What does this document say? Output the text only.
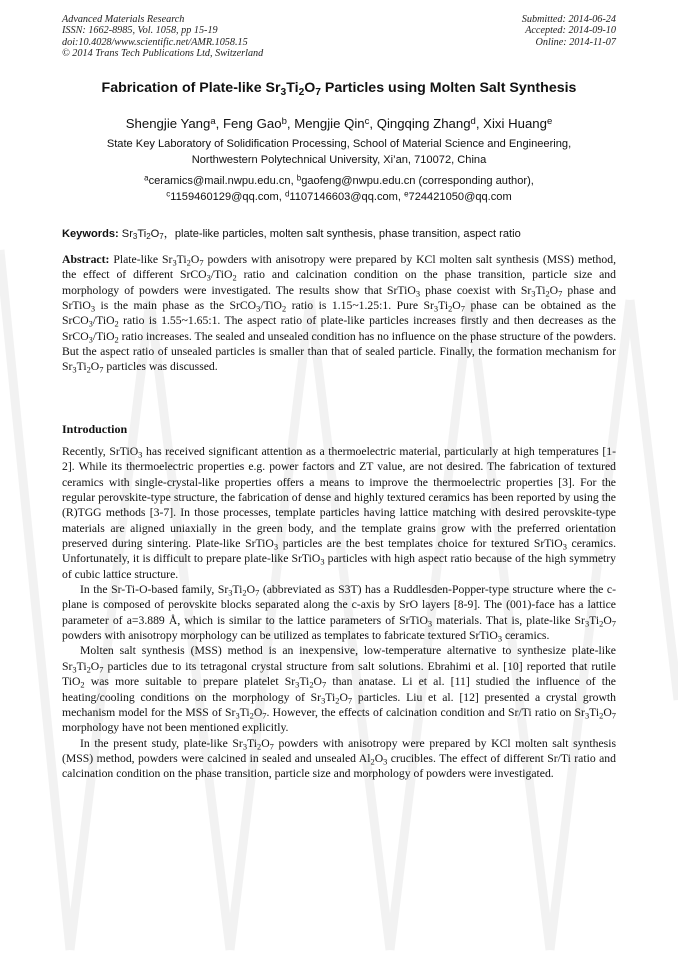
Advanced Materials Research
ISSN: 1662-8985, Vol. 1058, pp 15-19
doi:10.4028/www.scientific.net/AMR.1058.15
© 2014 Trans Tech Publications Ltd, Switzerland
Submitted: 2014-06-24
Accepted: 2014-09-10
Online: 2014-11-07
Fabrication of Plate-like $Sr_3Ti_2O_7$ Particles using Molten Salt Synthesis
Shengjie Yang$^a$, Feng Gao$^b$, Mengjie Qin$^c$, Qingqing Zhang$^d$, Xixi Huang$^e$
State Key Laboratory of Solidification Processing, School of Material Science and Engineering,
Northwestern Polytechnical University, Xi’an, 710072, China
$^a$ceramics@mail.nwpu.edu.cn, $^b$gaofeng@nwpu.edu.cn (corresponding author),
$^c$1159460129@qq.com, $^d$1107146603@qq.com, $^e$724421050@qq.com
Keywords: $Sr_3Ti_2O_7$，plate-like particles, molten salt synthesis, phase transition, aspect ratio
Abstract: Plate-like $Sr_3Ti_2O_7$ powders with anisotropy were prepared by KCl molten salt synthesis (MSS) method, the effect of different SrCO$_3$/TiO$_2$ ratio and calcination condition on the phase transition, particle size and morphology of powders were investigated. The results show that SrTiO$_3$ phase coexist with $Sr_3Ti_2O_7$ phase and SrTiO$_3$ is the main phase as the SrCO$_3$/TiO$_2$ ratio is 1.15~1.25:1. Pure $Sr_3Ti_2O_7$ phase can be obtained as the SrCO$_3$/TiO$_2$ ratio is 1.55~1.65:1. The aspect ratio of plate-like particles increases firstly and then decreases as the SrCO$_3$/TiO$_2$ ratio increases. The sealed and unsealed condition has no influence on the phase structure of the powders. But the aspect ratio of unsealed particles is smaller than that of sealed particle. Finally, the formation mechanism for $Sr_3Ti_2O_7$ particles was discussed.
Introduction

Recently, SrTiO$_3$ has received significant attention as a thermoelectric material, particularly at high temperatures [1-2]. While its thermoelectric properties e.g. power factors and ZT value, are not desired. The fabrication of textured ceramics with single-crystal-like properties offers a means to improve the thermoelectric properties [3]. For the regular perovskite-type structure, the fabrication of dense and highly textured ceramics has been reported by using the (R)TGG methods [3-7]. In those processes, template particles having lattice matching with desired perovskite-type materials are aligned uniaxially in the green body, and the template grains grow with the preferred orientation preserved during sintering. Plate-like SrTiO$_3$ particles are the best templates choice for textured SrTiO$_3$ ceramics. Unfortunately, it is difficult to prepare plate-like SrTiO$_3$ particles with high aspect ratio because of the high symmetry of cubic lattice structure.

In the Sr-Ti-O-based family, $Sr_3Ti_2O_7$ (abbreviated as S3T) has a Ruddlesden-Popper-type structure where the c-plane is composed of perovskite blocks separated along the c-axis by SrO layers [8-9]. The (001)-face has a lattice parameter of a=3.889 Å, which is similar to the lattice parameters of SrTiO$_3$ materials. That is, plate-like $Sr_3Ti_2O_7$ powders with anisotropy morphology can be utilized as templates to fabricate textured SrTiO$_3$ ceramics.

Molten salt synthesis (MSS) method is an inexpensive, low-temperature alternative to synthesize plate-like $Sr_3Ti_2O_7$ particles due to its tetragonal crystal structure from salt solutions. Ebrahimi et al. [10] reported that rutile TiO$_2$ was more suitable to prepare platelet $Sr_3Ti_2O_7$ than anatase. Li et al. [11] studied the influence of the heating/cooling conditions on the morphology of $Sr_3Ti_2O_7$ particles. Liu et al. [12] presented a crystal growth mechanism model for the MSS of $Sr_3Ti_2O_7$. However, the effects of calcination condition and Sr/Ti ratio on $Sr_3Ti_2O_7$ morphology have not been mentioned explicitly.

In the present study, plate-like $Sr_3Ti_2O_7$ powders with anisotropy were prepared by KCl molten salt synthesis (MSS) method, powders were calcined in sealed and unsealed $Al_2O_3$ crucibles. The effect of different Sr/Ti ratio and calcination condition on the phase transition, particle size and morphology of powders were investigated.
